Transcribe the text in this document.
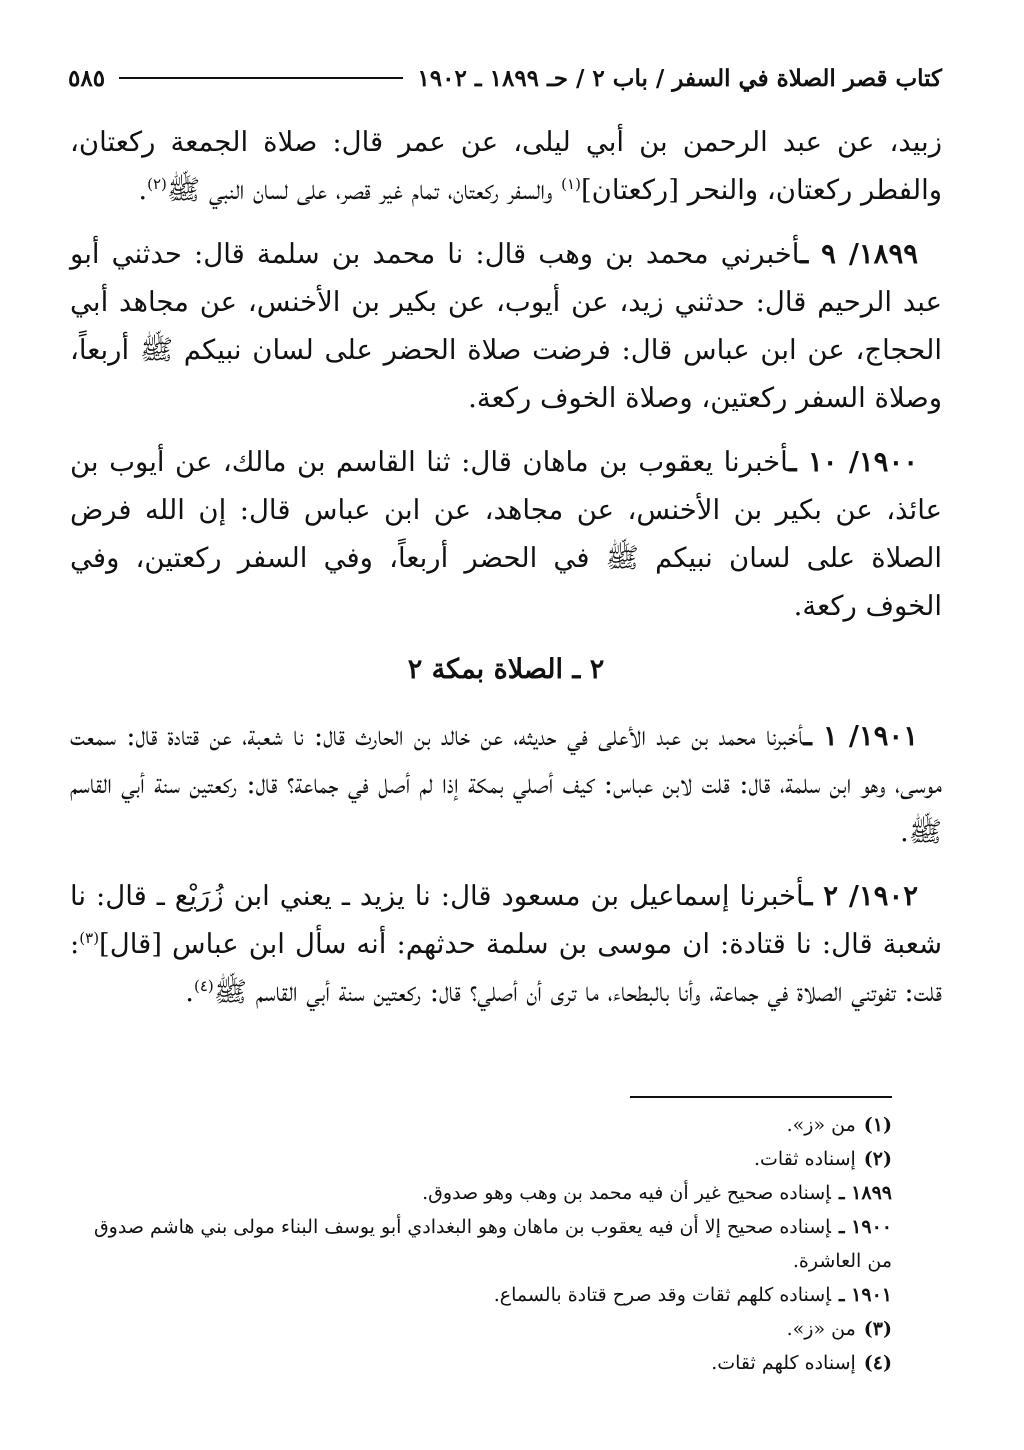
كتاب قصر الصلاة في السفر / باب ٢ / حـ ١٨٩٩ ـ ١٩٠٢
٥٨٥

زبيد، عن عبد الرحمن بن أبي ليلى، عن عمر قال: صلاة الجمعة ركعتان، والفطر ركعتان، والنحر [ركعتان]$^{(١)}$ والسفر ركعتان، تمام غير قصر، على لسان النبي ﷺ$^{(٢)}$.

١٨٩٩/ ٩ ـأخبرني محمد بن وهب قال: نا محمد بن سلمة قال: حدثني أبو عبد الرحيم قال: حدثني زيد، عن أيوب، عن بكير بن الأخنس، عن مجاهد أبي الحجاج، عن ابن عباس قال: فرضت صلاة الحضر على لسان نبيكم ﷺ أربعاً، وصلاة السفر ركعتين، وصلاة الخوف ركعة.

١٩٠٠/ ١٠ ـأخبرنا يعقوب بن ماهان قال: ثنا القاسم بن مالك، عن أيوب بن عائذ، عن بكير بن الأخنس، عن مجاهد، عن ابن عباس قال: إن الله فرض الصلاة على لسان نبيكم ﷺ في الحضر أربعاً، وفي السفر ركعتين، وفي الخوف ركعة.

٢ ـ الصلاة بمكة ٢

١٩٠١/ ١ ـأخبرنا محمد بن عبد الأعلى في حديثه، عن خالد بن الحارث قال: نا شعبة، عن قتادة قال: سمعت موسى، وهو ابن سلمة، قال: قلت لابن عباس: كيف أصلي بمكة إذا لم أصل في جماعة؟ قال: ركعتين سنة أبي القاسم ﷺ.

١٩٠٢/ ٢ ـأخبرنا إسماعيل بن مسعود قال: نا يزيد ـ يعني ابن زُرَيْع ـ قال: نا شعبة قال: نا قتادة: ان موسى بن سلمة حدثهم: أنه سأل ابن عباس [قال]$^{(٣)}$: قلت: تفوتني الصلاة في جماعة، وأنا بالبطحاء، ما ترى أن أصلي؟ قال: ركعتين سنة أبي القاسم ﷺ$^{(٤)}$.

(١)من «ز».
(٢)إسناده ثقات.
١٨٩٩ ـإسناده صحيح غير أن فيه محمد بن وهب وهو صدوق.
١٩٠٠ ـإسناده صحيح إلا أن فيه يعقوب بن ماهان وهو البغدادي أبو يوسف البناء مولى بني هاشم صدوق من العاشرة.
١٩٠١ ـإسناده كلهم ثقات وقد صرح قتادة بالسماع.
(٣)من «ز».
(٤)إسناده كلهم ثقات.
